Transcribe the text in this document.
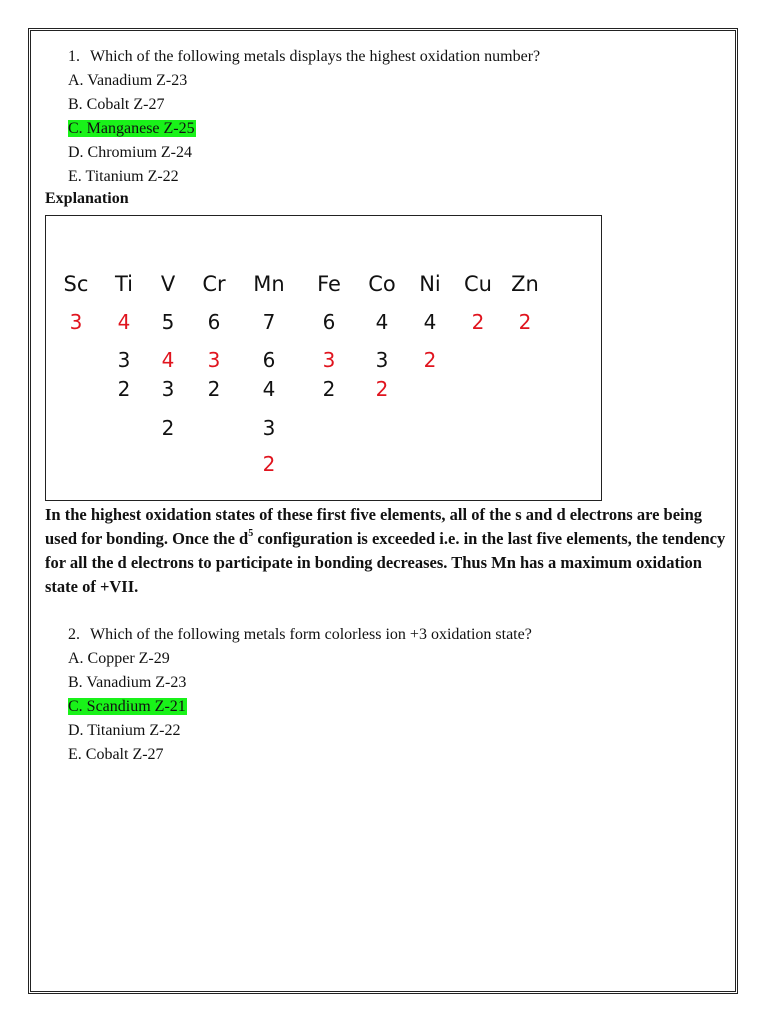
1. Which of the following metals displays the highest oxidation number?
A. Vanadium Z-23
B. Cobalt Z-27
C. Manganese Z-25
D. Chromium Z-24
E. Titanium Z-22
Explanation
Sc
3
Ti
4
3
2
V
5
4
3
2
Cr
6
3
2
Mn
7
6
4
3
2
Fe
6
3
2
Co
4
3
2
Ni
4
2
Cu
2
Zn
2
In the highest oxidation states of these first five elements, all of the s and d electrons are being used for bonding. Once the $d^5$ configuration is exceeded i.e. in the last five elements, the tendency for all the d electrons to participate in bonding decreases. Thus Mn has a maximum oxidation state of +VII.
2. Which of the following metals form colorless ion +3 oxidation state?
A. Copper Z-29
B. Vanadium Z-23
C. Scandium Z-21
D. Titanium Z-22
E. Cobalt Z-27
